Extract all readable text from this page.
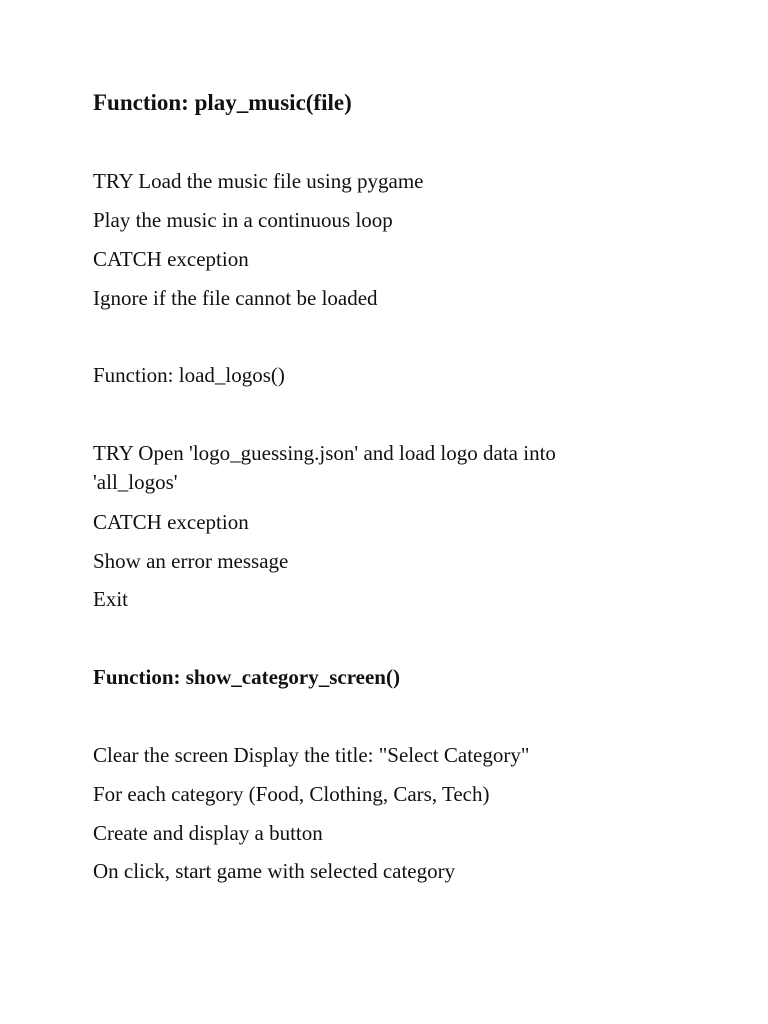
Function: play_music(file)
TRY Load the music file using pygame
Play the music in a continuous loop
CATCH exception
Ignore if the file cannot be loaded
Function: load_logos()
TRY Open 'logo_guessing.json' and load logo data into 'all_logos'
CATCH exception
Show an error message
Exit
Function: show_category_screen()
Clear the screen Display the title: "Select Category"
For each category (Food, Clothing, Cars, Tech)
Create and display a button
On click, start game with selected category
